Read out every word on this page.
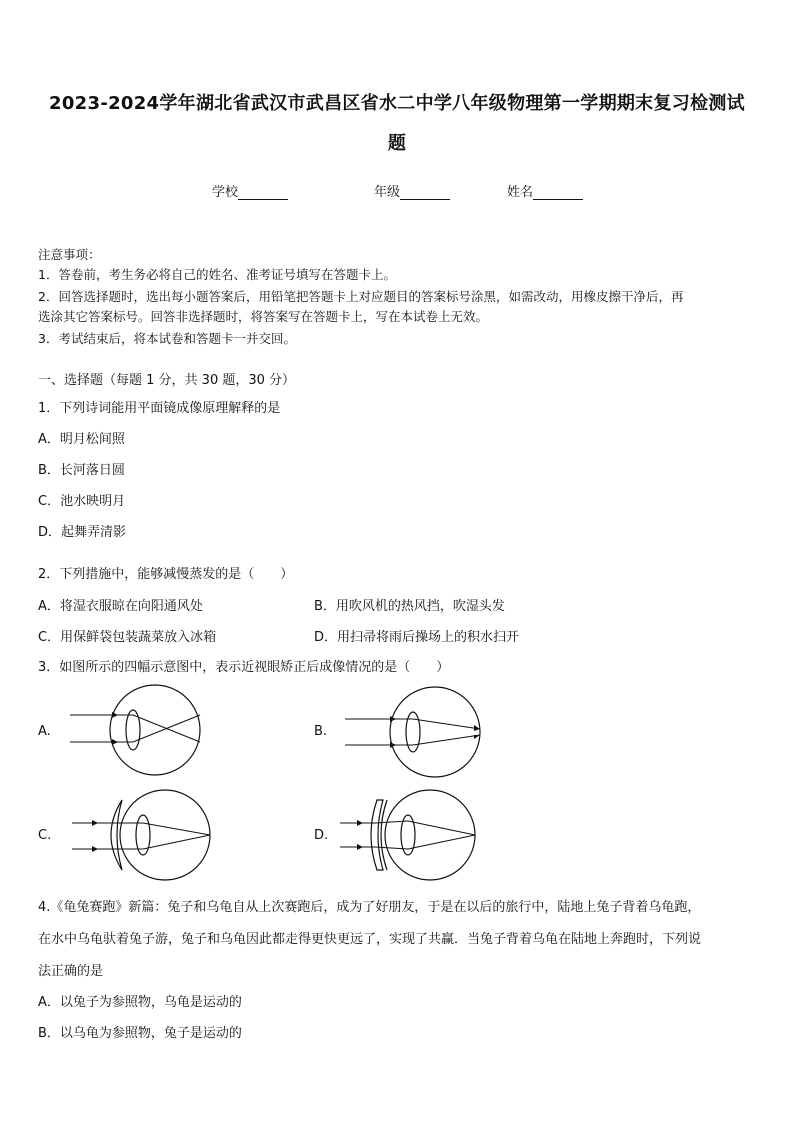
2023-2024学年湖北省武汉市武昌区省水二中学八年级物理第一学期期末复习检测试
题
学校	年级	姓名
注意事项：
1．答卷前，考生务必将自己的姓名、准考证号填写在答题卡上。
2．回答选择题时，选出每小题答案后，用铅笔把答题卡上对应题目的答案标号涂黑，如需改动，用橡皮擦干净后，再
选涂其它答案标号。回答非选择题时，将答案写在答题卡上，写在本试卷上无效。
3．考试结束后，将本试卷和答题卡一并交回。
一、选择题（每题 1 分，共 30 题，30 分）
1．下列诗词能用平面镜成像原理解释的是
A．明月松间照
B．长河落日圆
C．池水映明月
D．起舞弄清影
2．下列措施中，能够减慢蒸发的是（　　）
A．将湿衣服晾在向阳通风处	B．用吹风机的热风挡，吹湿头发
C．用保鲜袋包装蔬菜放入冰箱	D．用扫帚将雨后操场上的积水扫开
3．如图所示的四幅示意图中，表示近视眼矫正后成像情况的是（　　）
A.	B.
C.	D.
4.《龟兔赛跑》新篇：兔子和乌龟自从上次赛跑后，成为了好朋友，于是在以后的旅行中，陆地上兔子背着乌龟跑，
在水中乌龟驮着兔子游，兔子和乌龟因此都走得更快更远了，实现了共赢．当兔子背着乌龟在陆地上奔跑时，下列说
法正确的是
A．以兔子为参照物，乌龟是运动的
B．以乌龟为参照物，兔子是运动的
